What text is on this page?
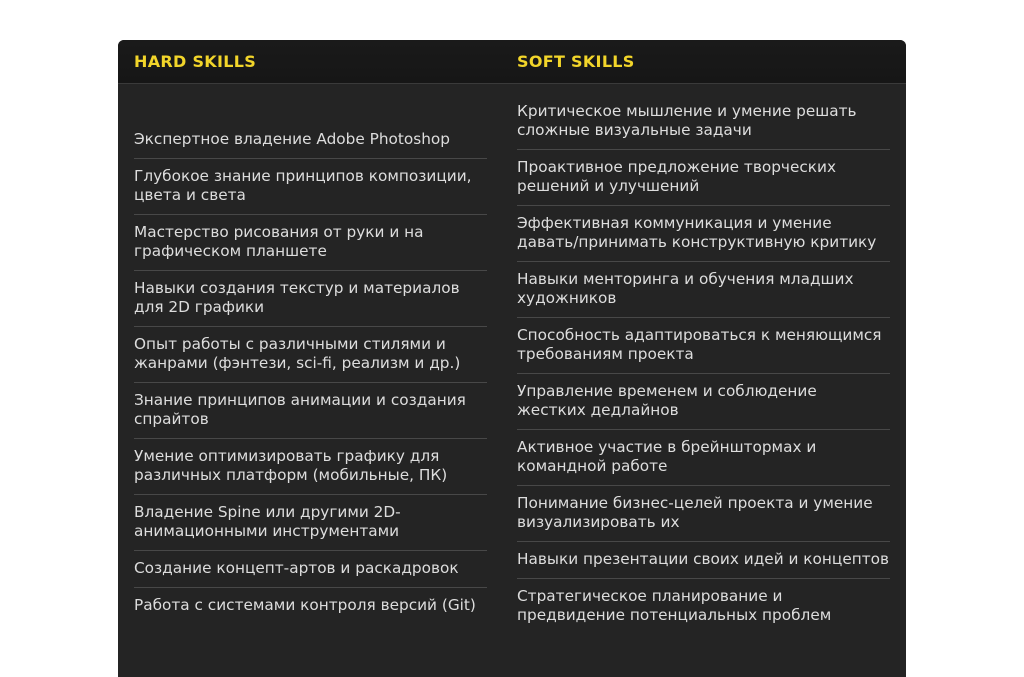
HARD SKILLS	SOFT SKILLS
Экспертное владение Adobe Photoshop
Глубокое знание принципов композиции, цвета и света
Мастерство рисования от руки и на графическом планшете
Навыки создания текстур и материалов для 2D графики
Опыт работы с различными стилями и жанрами (фэнтези, sci-fi, реализм и др.)
Знание принципов анимации и создания спрайтов
Умение оптимизировать графику для различных платформ (мобильные, ПК)
Владение Spine или другими 2D-анимационными инструментами
Создание концепт-артов и раскадровок
Работа с системами контроля версий (Git)
Критическое мышление и умение решать сложные визуальные задачи
Проактивное предложение творческих решений и улучшений
Эффективная коммуникация и умение давать/принимать конструктивную критику
Навыки менторинга и обучения младших художников
Способность адаптироваться к меняющимся требованиям проекта
Управление временем и соблюдение жестких дедлайнов
Активное участие в брейнштормах и командной работе
Понимание бизнес-целей проекта и умение визуализировать их
Навыки презентации своих идей и концептов
Стратегическое планирование и предвидение потенциальных проблем
